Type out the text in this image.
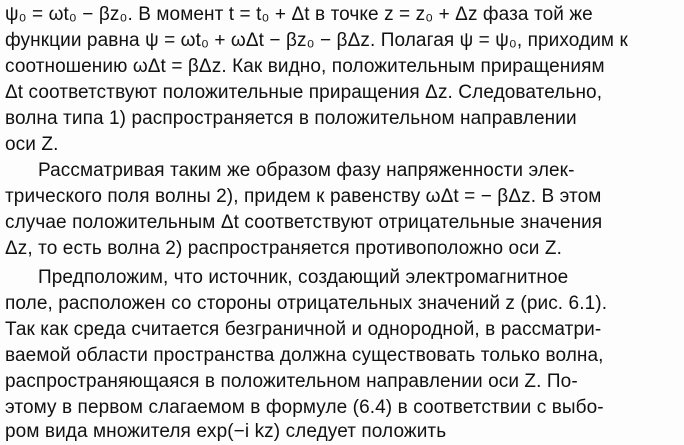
ψ₀ = ωt₀ − βz₀. В момент t = t₀ + Δt в точке z = z₀ + Δz фаза той же
функции равна ψ = ωt₀ + ωΔt − βz₀ − βΔz. Полагая ψ = ψ₀, приходим к
соотношению ωΔt = βΔz. Как видно, положительным приращениям
Δt соответствуют положительные приращения Δz. Следовательно,
волна типа 1) распространяется в положительном направлении
оси Z.
Рассматривая таким же образом фазу напряженности элек-
трического поля волны 2), придем к равенству ωΔt = − βΔz. В этом
случае положительным Δt соответствуют отрицательные значения
Δz, то есть волна 2) распространяется противоположно оси Z.
Предположим, что источник, создающий электромагнитное
поле, расположен со стороны отрицательных значений z (рис. 6.1).
Так как среда считается безграничной и однородной, в рассматри-
ваемой области пространства должна существовать только волна,
распространяющаяся в положительном направлении оси Z. По-
этому в первом слагаемом в формуле (6.4) в соответствии с выбо-
ром вида множителя exp(−i kz) следует положить
